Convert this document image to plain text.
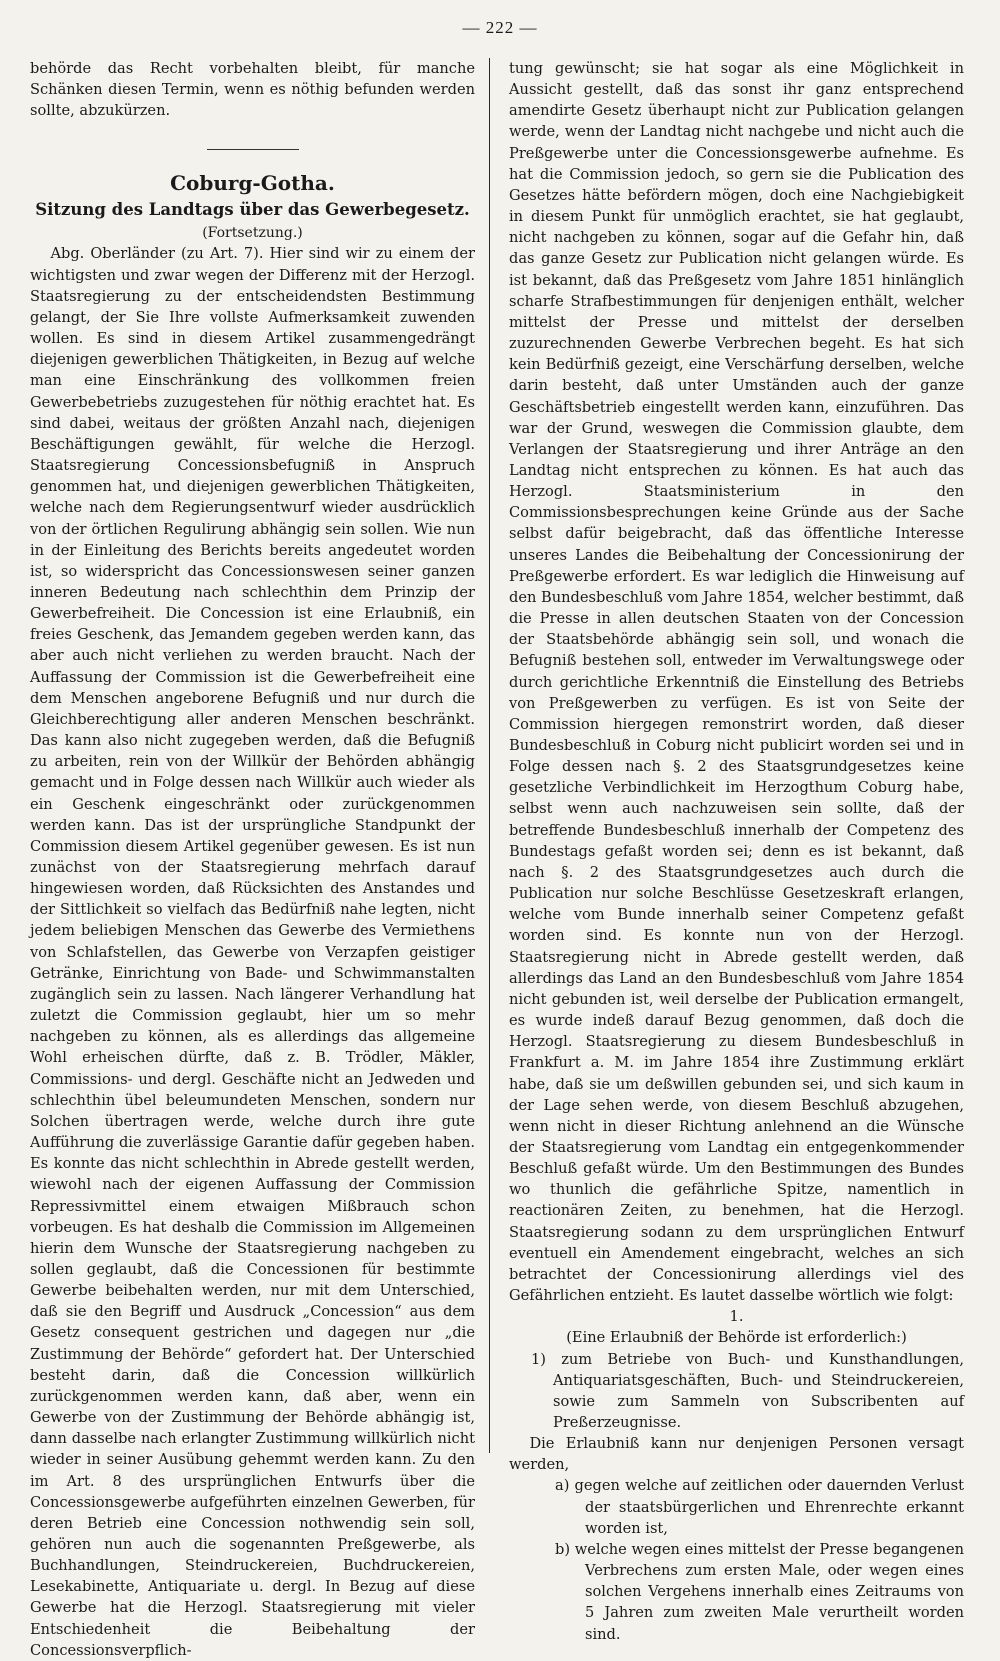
— 222 —

behörde das Recht vorbehalten bleibt, für manche Schänken diesen Termin, wenn es nöthig befunden werden sollte, abzukürzen.

Coburg-Gotha.

Sitzung des Landtags über das Gewerbegesetz.

(Fortsetzung.)

Abg. Oberländer (zu Art. 7). Hier sind wir zu einem der wichtigsten und zwar wegen der Differenz mit der Herzogl. Staatsregierung zu der entscheidendsten Bestimmung gelangt, der Sie Ihre vollste Aufmerksamkeit zuwenden wollen. Es sind in diesem Artikel zusammengedrängt diejenigen gewerblichen Thätigkeiten, in Bezug auf welche man eine Einschränkung des vollkommen freien Gewerbebetriebs zuzugestehen für nöthig erachtet hat. Es sind dabei, weitaus der größten Anzahl nach, diejenigen Beschäftigungen gewählt, für welche die Herzogl. Staatsregierung Concessionsbefugniß in Anspruch genommen hat, und diejenigen gewerblichen Thätigkeiten, welche nach dem Regierungsentwurf wieder ausdrücklich von der örtlichen Regulirung abhängig sein sollen. Wie nun in der Einleitung des Berichts bereits angedeutet worden ist, so widerspricht das Concessionswesen seiner ganzen inneren Bedeutung nach schlechthin dem Prinzip der Gewerbefreiheit. Die Concession ist eine Erlaubniß, ein freies Geschenk, das Jemandem gegeben werden kann, das aber auch nicht verliehen zu werden braucht. Nach der Auffassung der Commission ist die Gewerbefreiheit eine dem Menschen angeborene Befugniß und nur durch die Gleichberechtigung aller anderen Menschen beschränkt. Das kann also nicht zugegeben werden, daß die Befugniß zu arbeiten, rein von der Willkür der Behörden abhängig gemacht und in Folge dessen nach Willkür auch wieder als ein Geschenk eingeschränkt oder zurückgenommen werden kann. Das ist der ursprüngliche Standpunkt der Commission diesem Artikel gegenüber gewesen. Es ist nun zunächst von der Staatsregierung mehrfach darauf hingewiesen worden, daß Rücksichten des Anstandes und der Sittlichkeit so vielfach das Bedürfniß nahe legten, nicht jedem beliebigen Menschen das Gewerbe des Vermiethens von Schlafstellen, das Gewerbe von Verzapfen geistiger Getränke, Einrichtung von Bade- und Schwimmanstalten zugänglich sein zu lassen. Nach längerer Verhandlung hat zuletzt die Commission geglaubt, hier um so mehr nachgeben zu können, als es allerdings das allgemeine Wohl erheischen dürfte, daß z. B. Trödler, Mäkler, Commissions- und dergl. Geschäfte nicht an Jedweden und schlechthin übel beleumundeten Menschen, sondern nur Solchen übertragen werde, welche durch ihre gute Aufführung die zuverlässige Garantie dafür gegeben haben. Es konnte das nicht schlechthin in Abrede gestellt werden, wiewohl nach der eigenen Auffassung der Commission Repressivmittel einem etwaigen Mißbrauch schon vorbeugen. Es hat deshalb die Commission im Allgemeinen hierin dem Wunsche der Staatsregierung nachgeben zu sollen geglaubt, daß die Concessionen für bestimmte Gewerbe beibehalten werden, nur mit dem Unterschied, daß sie den Begriff und Ausdruck „Concession“ aus dem Gesetz consequent gestrichen und dagegen nur „die Zustimmung der Behörde“ gefordert hat. Der Unterschied besteht darin, daß die Concession willkürlich zurückgenommen werden kann, daß aber, wenn ein Gewerbe von der Zustimmung der Behörde abhängig ist, dann dasselbe nach erlangter Zustimmung willkürlich nicht wieder in seiner Ausübung gehemmt werden kann. Zu den im Art. 8 des ursprünglichen Entwurfs über die Concessionsgewerbe aufgeführten einzelnen Gewerben, für deren Betrieb eine Concession nothwendig sein soll, gehören nun auch die sogenannten Preßgewerbe, als Buchhandlungen, Steindruckereien, Buchdruckereien, Lesekabinette, Antiquariate u. dergl. In Bezug auf diese Gewerbe hat die Herzogl. Staatsregierung mit vieler Entschiedenheit die Beibehaltung der Concessionsverpflich-

tung gewünscht; sie hat sogar als eine Möglichkeit in Aussicht gestellt, daß das sonst ihr ganz entsprechend amendirte Gesetz überhaupt nicht zur Publication gelangen werde, wenn der Landtag nicht nachgebe und nicht auch die Preßgewerbe unter die Concessionsgewerbe aufnehme. Es hat die Commission jedoch, so gern sie die Publication des Gesetzes hätte befördern mögen, doch eine Nachgiebigkeit in diesem Punkt für unmöglich erachtet, sie hat geglaubt, nicht nachgeben zu können, sogar auf die Gefahr hin, daß das ganze Gesetz zur Publication nicht gelangen würde. Es ist bekannt, daß das Preßgesetz vom Jahre 1851 hinlänglich scharfe Strafbestimmungen für denjenigen enthält, welcher mittelst der Presse und mittelst der derselben zuzurechnenden Gewerbe Verbrechen begeht. Es hat sich kein Bedürfniß gezeigt, eine Verschärfung derselben, welche darin besteht, daß unter Umständen auch der ganze Geschäftsbetrieb eingestellt werden kann, einzuführen. Das war der Grund, weswegen die Commission glaubte, dem Verlangen der Staatsregierung und ihrer Anträge an den Landtag nicht entsprechen zu können. Es hat auch das Herzogl. Staatsministerium in den Commissionsbesprechungen keine Gründe aus der Sache selbst dafür beigebracht, daß das öffentliche Interesse unseres Landes die Beibehaltung der Concessionirung der Preßgewerbe erfordert. Es war lediglich die Hinweisung auf den Bundesbeschluß vom Jahre 1854, welcher bestimmt, daß die Presse in allen deutschen Staaten von der Concession der Staatsbehörde abhängig sein soll, und wonach die Befugniß bestehen soll, entweder im Verwaltungswege oder durch gerichtliche Erkenntniß die Einstellung des Betriebs von Preßgewerben zu verfügen. Es ist von Seite der Commission hiergegen remonstrirt worden, daß dieser Bundesbeschluß in Coburg nicht publicirt worden sei und in Folge dessen nach §. 2 des Staatsgrundgesetzes keine gesetzliche Verbindlichkeit im Herzogthum Coburg habe, selbst wenn auch nachzuweisen sein sollte, daß der betreffende Bundesbeschluß innerhalb der Competenz des Bundestags gefaßt worden sei; denn es ist bekannt, daß nach §. 2 des Staatsgrundgesetzes auch durch die Publication nur solche Beschlüsse Gesetzeskraft erlangen, welche vom Bunde innerhalb seiner Competenz gefaßt worden sind. Es konnte nun von der Herzogl. Staatsregierung nicht in Abrede gestellt werden, daß allerdings das Land an den Bundesbeschluß vom Jahre 1854 nicht gebunden ist, weil derselbe der Publication ermangelt, es wurde indeß darauf Bezug genommen, daß doch die Herzogl. Staatsregierung zu diesem Bundesbeschluß in Frankfurt a. M. im Jahre 1854 ihre Zustimmung erklärt habe, daß sie um deßwillen gebunden sei, und sich kaum in der Lage sehen werde, von diesem Beschluß abzugehen, wenn nicht in dieser Richtung anlehnend an die Wünsche der Staatsregierung vom Landtag ein entgegenkommender Beschluß gefaßt würde. Um den Bestimmungen des Bundes wo thunlich die gefährliche Spitze, namentlich in reactionären Zeiten, zu benehmen, hat die Herzogl. Staatsregierung sodann zu dem ursprünglichen Entwurf eventuell ein Amendement eingebracht, welches an sich betrachtet der Concessionirung allerdings viel des Gefährlichen entzieht. Es lautet dasselbe wörtlich wie folgt:

1.

(Eine Erlaubniß der Behörde ist erforderlich:)

1) zum Betriebe von Buch- und Kunsthandlungen, Antiquariatsgeschäften, Buch- und Steindruckereien, sowie zum Sammeln von Subscribenten auf Preßerzeugnisse.

Die Erlaubniß kann nur denjenigen Personen versagt werden,

a) gegen welche auf zeitlichen oder dauernden Verlust der staatsbürgerlichen und Ehrenrechte erkannt worden ist,

b) welche wegen eines mittelst der Presse begangenen Verbrechens zum ersten Male, oder wegen eines solchen Vergehens innerhalb eines Zeitraums von 5 Jahren zum zweiten Male verurtheilt worden sind.
